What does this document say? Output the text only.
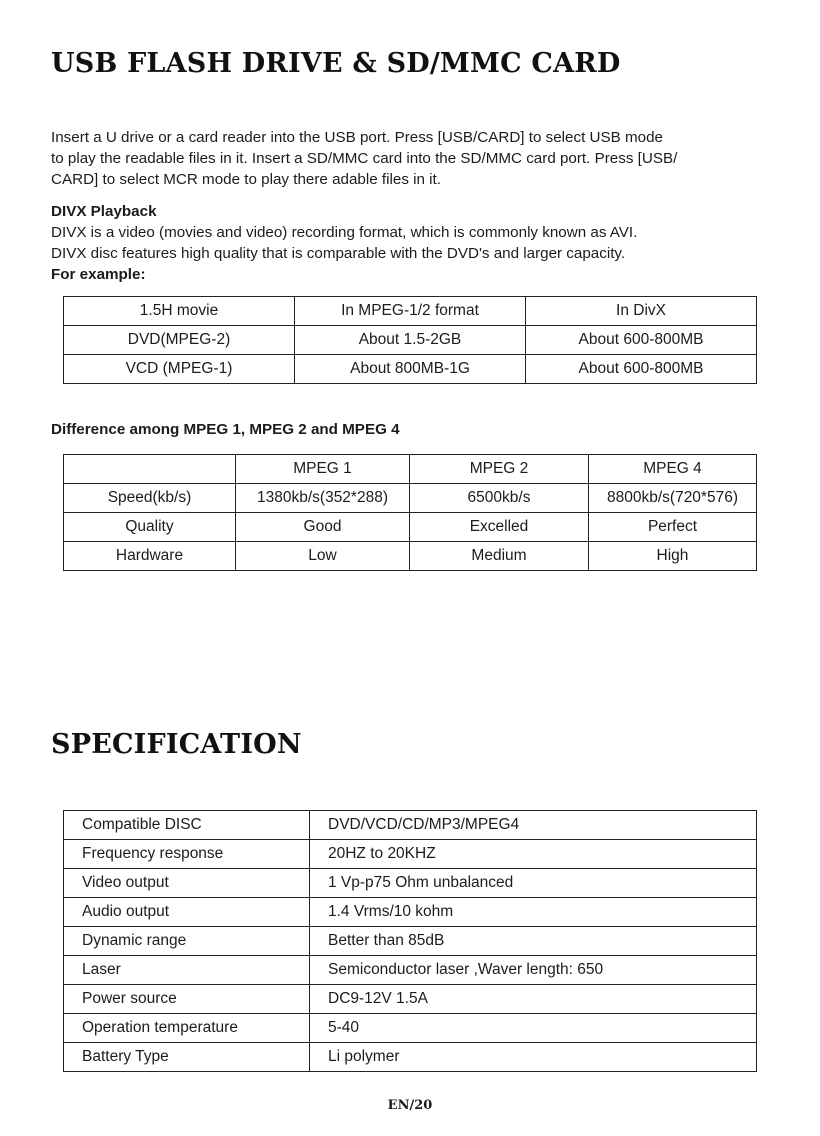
USB FLASH DRIVE & SD/MMC CARD
Insert a U drive or a card reader into the USB port. Press [USB/CARD] to select USB mode
to play the readable files in it. Insert a SD/MMC card into the SD/MMC card port. Press [USB/
CARD] to select MCR mode to play there adable files in it.
DIVX Playback
DIVX is a video (movies and video) recording format, which is commonly known as AVI.
DIVX disc features high quality that is comparable with the DVD's and larger capacity.
For example:
1.5H movie	In MPEG-1/2 format	In DivX
DVD(MPEG-2)	About 1.5-2GB	About 600-800MB
VCD (MPEG-1)	About 800MB-1G	About 600-800MB
Difference among MPEG 1, MPEG 2 and MPEG 4
	MPEG 1	MPEG 2	MPEG 4
Speed(kb/s)	1380kb/s(352*288)	6500kb/s	8800kb/s(720*576)
Quality	Good	Excelled	Perfect
Hardware	Low	Medium	High
SPECIFICATION
Compatible DISC	DVD/VCD/CD/MP3/MPEG4
Frequency response	20HZ to 20KHZ
Video output	1 Vp-p75 Ohm unbalanced
Audio output	1.4 Vrms/10 kohm
Dynamic range	Better than 85dB
Laser	Semiconductor laser ,Waver length: 650
Power source	DC9-12V 1.5A
Operation temperature	5-40
Battery Type	Li polymer
EN/20
